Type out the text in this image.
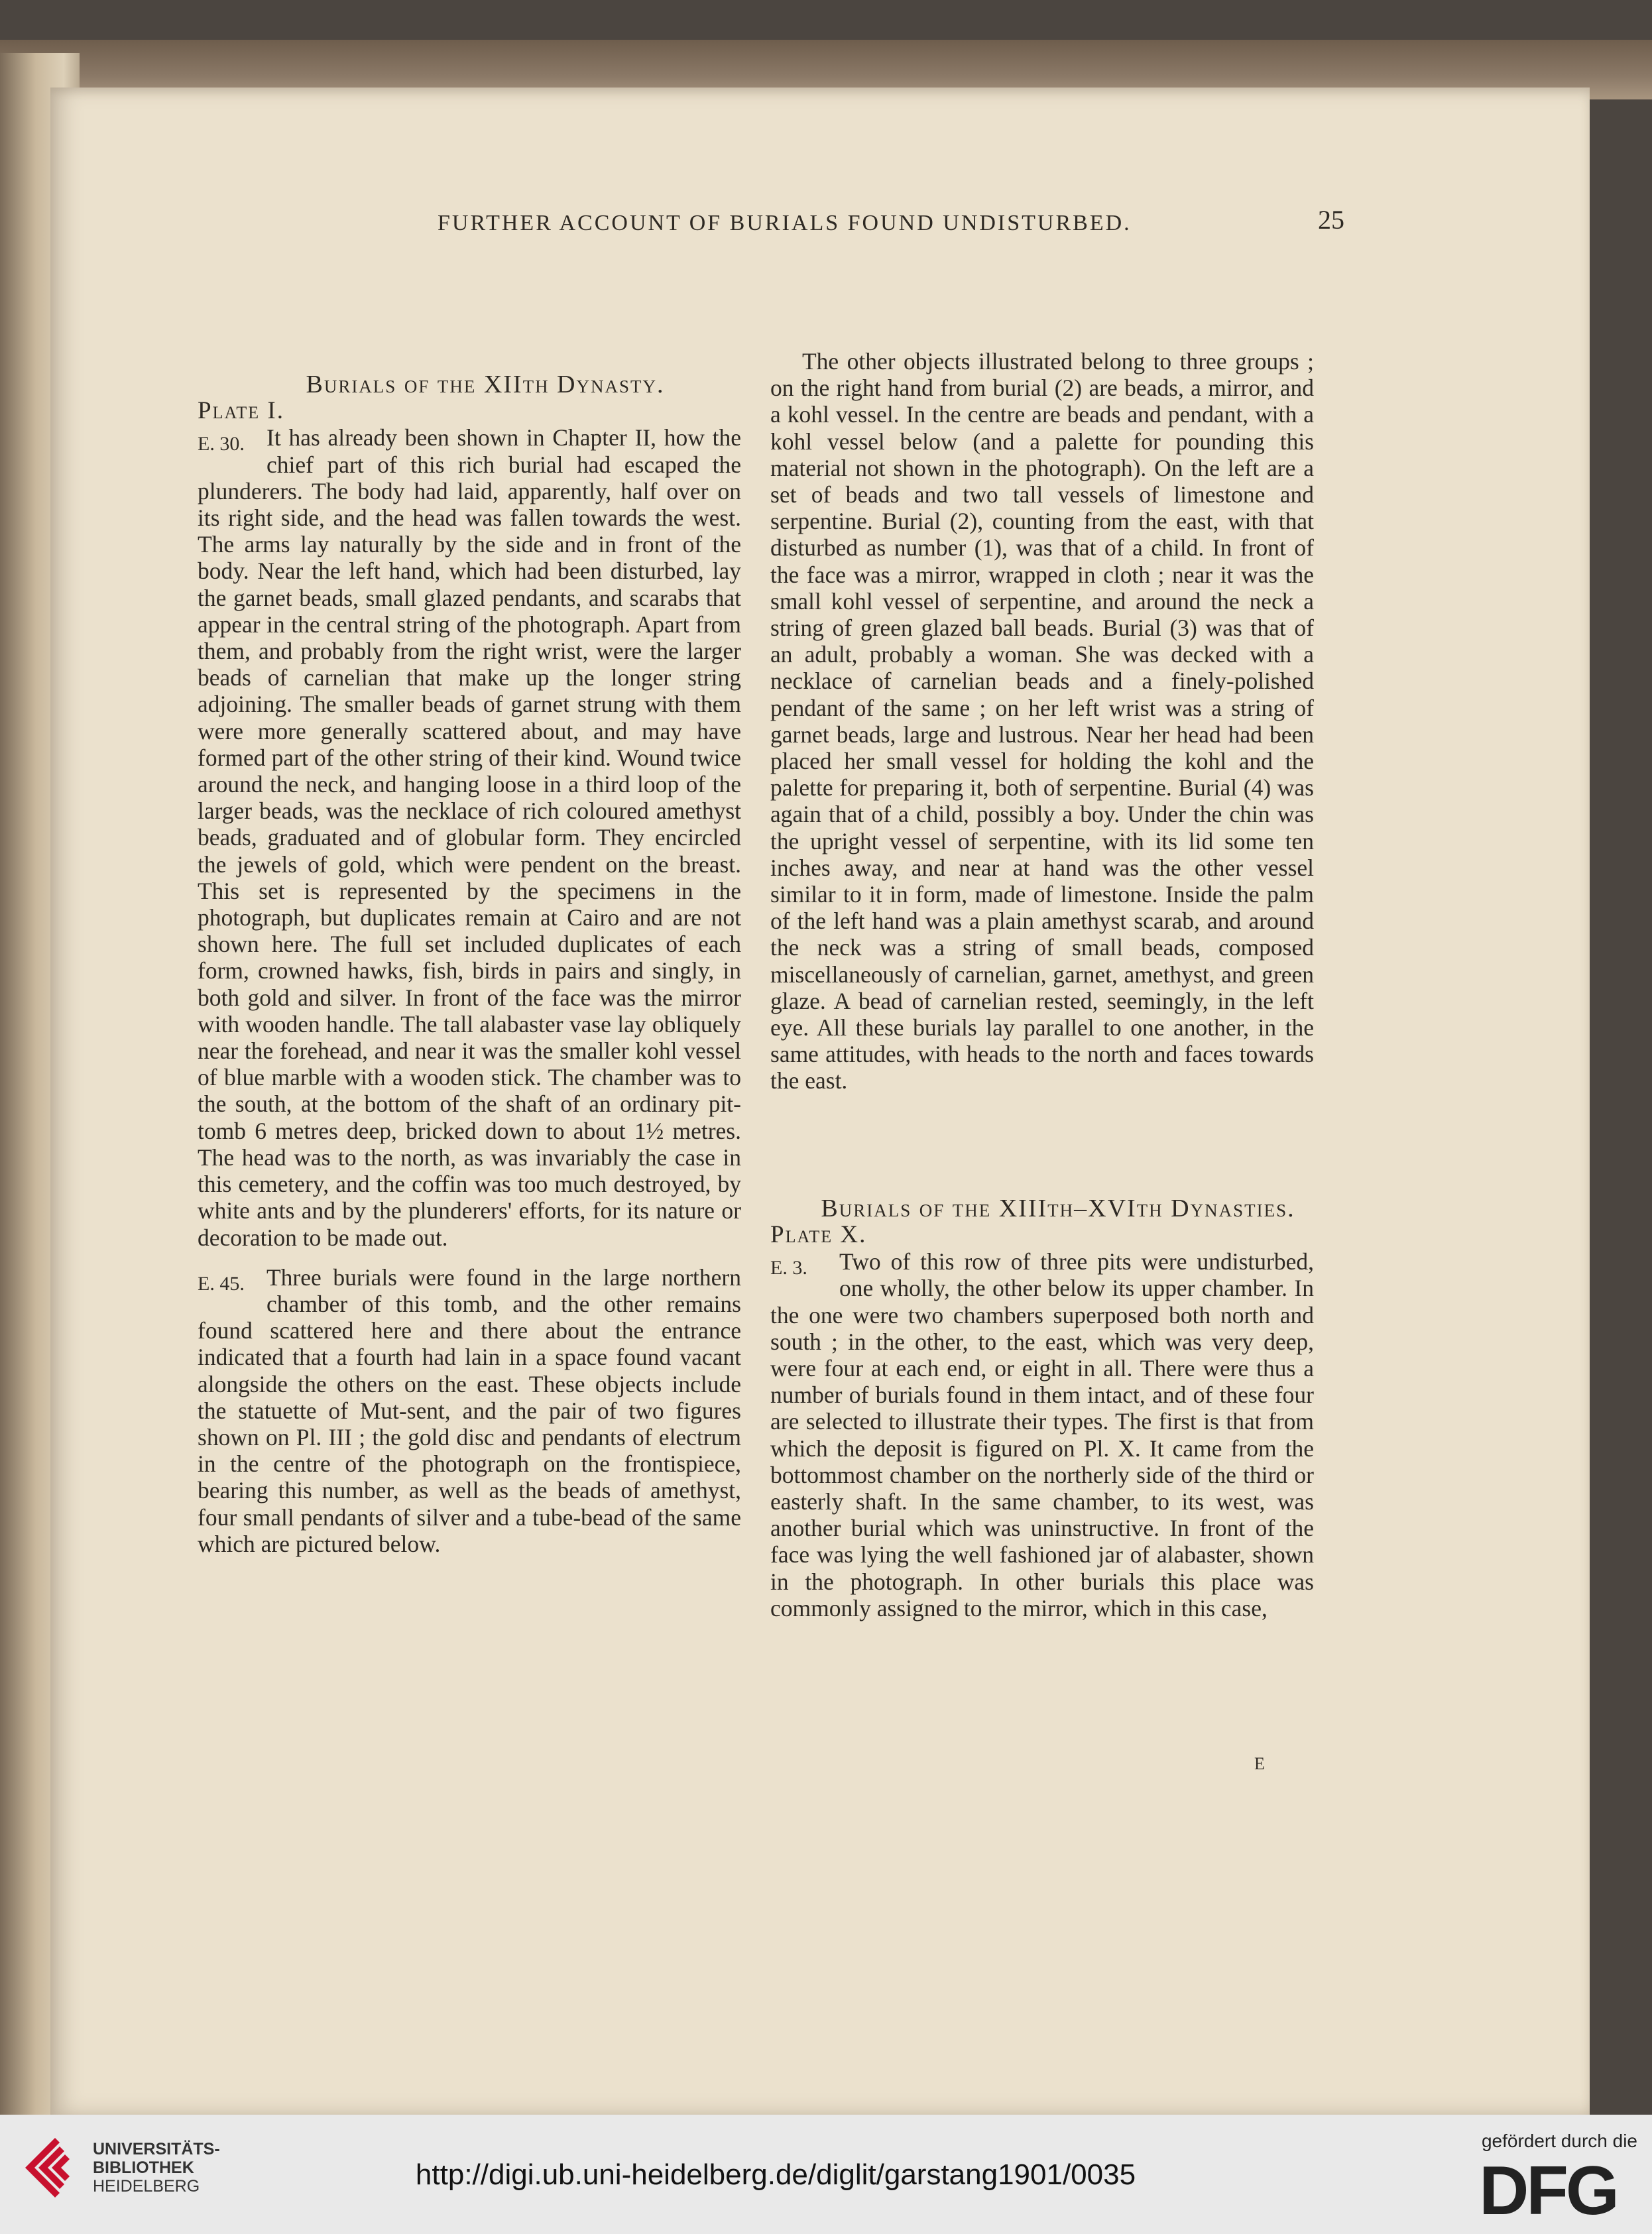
FURTHER ACCOUNT OF BURIALS FOUND UNDISTURBED.	25

Burials of the XIIth Dynasty.

Plate I.

E. 30. It has already been shown in Chapter II, how the chief part of this rich burial had escaped the plunderers. The body had laid, apparently, half over on its right side, and the head was fallen towards the west. The arms lay naturally by the side and in front of the body. Near the left hand, which had been disturbed, lay the garnet beads, small glazed pendants, and scarabs that appear in the central string of the photograph. Apart from them, and probably from the right wrist, were the larger beads of carnelian that make up the longer string adjoining. The smaller beads of garnet strung with them were more generally scattered about, and may have formed part of the other string of their kind. Wound twice around the neck, and hanging loose in a third loop of the larger beads, was the necklace of rich coloured amethyst beads, graduated and of globular form. They encircled the jewels of gold, which were pendent on the breast. This set is represented by the specimens in the photograph, but duplicates remain at Cairo and are not shown here. The full set included duplicates of each form, crowned hawks, fish, birds in pairs and singly, in both gold and silver. In front of the face was the mirror with wooden handle. The tall alabaster vase lay obliquely near the forehead, and near it was the smaller kohl vessel of blue marble with a wooden stick. The chamber was to the south, at the bottom of the shaft of an ordinary pit-tomb 6 metres deep, bricked down to about 1½ metres. The head was to the north, as was invariably the case in this cemetery, and the coffin was too much destroyed, by white ants and by the plunderers' efforts, for its nature or decoration to be made out.

E. 45. Three burials were found in the large northern chamber of this tomb, and the other remains found scattered here and there about the entrance indicated that a fourth had lain in a space found vacant alongside the others on the east. These objects include the statuette of Mut-sent, and the pair of two figures shown on Pl. III ; the gold disc and pendants of electrum in the centre of the photograph on the frontispiece, bearing this number, as well as the beads of amethyst, four small pendants of silver and a tube-bead of the same which are pictured below.

The other objects illustrated belong to three groups ; on the right hand from burial (2) are beads, a mirror, and a kohl vessel. In the centre are beads and pendant, with a kohl vessel below (and a palette for pounding this material not shown in the photograph). On the left are a set of beads and two tall vessels of limestone and serpentine. Burial (2), counting from the east, with that disturbed as number (1), was that of a child. In front of the face was a mirror, wrapped in cloth ; near it was the small kohl vessel of serpentine, and around the neck a string of green glazed ball beads. Burial (3) was that of an adult, probably a woman. She was decked with a necklace of carnelian beads and a finely-polished pendant of the same ; on her left wrist was a string of garnet beads, large and lustrous. Near her head had been placed her small vessel for holding the kohl and the palette for preparing it, both of serpentine. Burial (4) was again that of a child, possibly a boy. Under the chin was the upright vessel of serpentine, with its lid some ten inches away, and near at hand was the other vessel similar to it in form, made of limestone. Inside the palm of the left hand was a plain amethyst scarab, and around the neck was a string of small beads, composed miscellaneously of carnelian, garnet, amethyst, and green glaze. A bead of carnelian rested, seemingly, in the left eye. All these burials lay parallel to one another, in the same attitudes, with heads to the north and faces towards the east.

Burials of the XIIIth–XVIth Dynasties.

Plate X.

E. 3.	Two of this row of three pits were undisturbed, one wholly, the other below its upper chamber. In the one were two chambers superposed both north and south ; in the other, to the east, which was very deep, were four at each end, or eight in all. There were thus a number of burials found in them intact, and of these four are selected to illustrate their types. The first is that from which the deposit is figured on Pl. X. It came from the bottommost chamber on the northerly side of the third or easterly shaft. In the same chamber, to its west, was another burial which was uninstructive. In front of the face was lying the well fashioned jar of alabaster, shown in the photograph. In other burials this place was commonly assigned to the mirror, which in this case,

E
UNIVERSITÄTS-
BIBLIOTHEK
HEIDELBERG	http://digi.ub.uni-heidelberg.de/diglit/garstang1901/0035
gefördert durch die
DFG
